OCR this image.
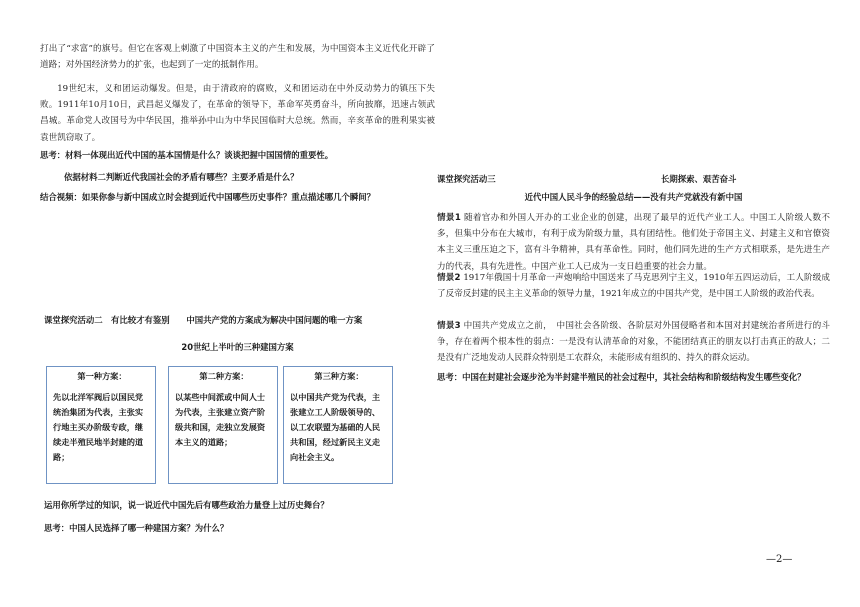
打出了“求富”的旗号。但它在客观上刺激了中国资本主义的产生和发展，为中国资本主义近代化开辟了道路；对外国经济势力的扩张，也起到了一定的抵制作用。

19世纪末，义和团运动爆发。但是，由于清政府的腐败，义和团运动在中外反动势力的镇压下失败。1911年10月10日，武昌起义爆发了，在革命的领导下，革命军英勇奋斗，所向披靡，迅速占领武昌城。革命党人改国号为中华民国，推举孙中山为中华民国临时大总统。然而，辛亥革命的胜利果实被袁世凯窃取了。

思考：材料一体现出近代中国的基本国情是什么？谈谈把握中国国情的重要性。

依据材料二判断近代我国社会的矛盾有哪些？主要矛盾是什么？

结合视频：如果你参与新中国成立时会提到近代中国哪些历史事件？重点描述哪几个瞬间？

课堂探究活动二　有比较才有鉴别　　中国共产党的方案成为解决中国问题的唯一方案

20世纪上半叶的三种建国方案

第一种方案：
先以北洋军阀后以国民党统治集团为代表，主张实行地主买办阶级专政，继续走半殖民地半封建的道路；
第二种方案：
以某些中间派或中间人士为代表，主张建立资产阶级共和国，走独立发展资本主义的道路；
第三种方案：
以中国共产党为代表，主张建立工人阶级领导的、以工农联盟为基础的人民共和国，经过新民主义走向社会主义。

运用你所学过的知识，说一说近代中国先后有哪些政治力量登上过历史舞台？

思考：中国人民选择了哪一种建国方案？为什么？

课堂探究活动三	长期探索、艰苦奋斗

近代中国人民斗争的经验总结——没有共产党就没有新中国

情景1 随着官办和外国人开办的工业企业的创建，出现了最早的近代产业工人。中国工人阶级人数不多，但集中分布在大城市，有利于成为阶级力量，具有团结性。他们处于帝国主义、封建主义和官僚资本主义三重压迫之下，富有斗争精神，具有革命性。同时，他们同先进的生产方式相联系，是先进生产力的代表，具有先进性。中国产业工人已成为一支日趋重要的社会力量。

情景2 1917年俄国十月革命一声炮响给中国送来了马克思列宁主义，1910年五四运动后，工人阶级成了反帝反封建的民主主义革命的领导力量，1921年成立的中国共产党，是中国工人阶级的政治代表。

情景3 中国共产党成立之前，　中国社会各阶级、各阶层对外国侵略者和本国对封建统治者所进行的斗争，存在着两个根本性的弱点：一是没有认清革命的对象，不能团结真正的朋友以打击真正的敌人；二是没有广泛地发动人民群众特别是工农群众，未能形成有组织的、持久的群众运动。

思考：中国在封建社会逐步沦为半封建半殖民的社会过程中，其社会结构和阶级结构发生哪些变化？

—2—
